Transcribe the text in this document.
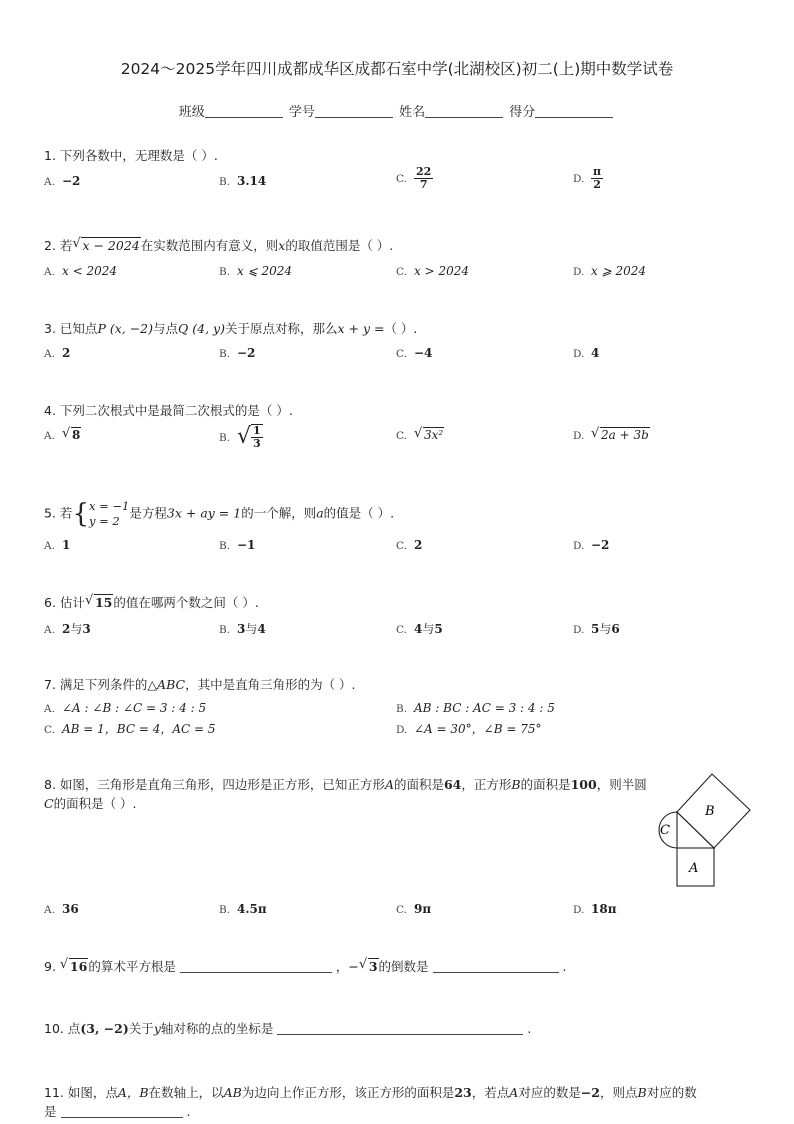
2024～2025学年四川成都成华区成都石室中学(北湖校区)初二(上)期中数学试卷
班级	学号	姓名	得分
1. 下列各数中，无理数是（ ）.
A. −2	B. 3.14	C. $\frac{22}{7}$	D. $\frac{\pi}{2}$
2. 若 √ x − 2024在实数范围内有意义，则x的取值范围是（ ）.
A. x < 2024	B. x ⩽ 2024	C. x > 2024	D. x ⩾ 2024
3. 已知点P (x, −2)与点Q (4, y)关于原点对称，那么x + y =（ ）.
A. 2	B. −2	C. −4	D. 4
4. 下列二次根式中是最简二次根式的是（ ）.
A. √ 8	B. √ $\frac{1}{3}$	C. √ 3x²	D. √ 2a + 3b
5. 若{ x = −1
y = 2
是方程3x + ay = 1的一个解，则a的值是（ ）.
A. 1	B. −1	C. 2	D. −2
6. 估计 √ 15的值在哪两个数之间（ ）.
A. 2与3	B. 3与4	C. 4与5	D. 5与6
7. 满足下列条件的△ABC，其中是直角三角形的为（ ）.
A. ∠A : ∠B : ∠C = 3 : 4 : 5	B. AB : BC : AC = 3 : 4 : 5
C. AB = 1，BC = 4，AC = 5	D. ∠A = 30°，∠B = 75°
8. 如图，三角形是直角三角形，四边形是正方形，已知正方形A的面积是64，正方形B的面积是100，则半圆
C的面积是（ ）.
B
A
C
A. 36	B. 4.5π	C. 9π	D. 18π
9. √ 16的算术平方根是	，− √ 3的倒数是	.
10. 点(3, −2)关于y轴对称的点的坐标是	.
11. 如图，点A，B在数轴上，以AB为边向上作正方形，该正方形的面积是23，若点A对应的数是−2，则点B对应的数
是	.
